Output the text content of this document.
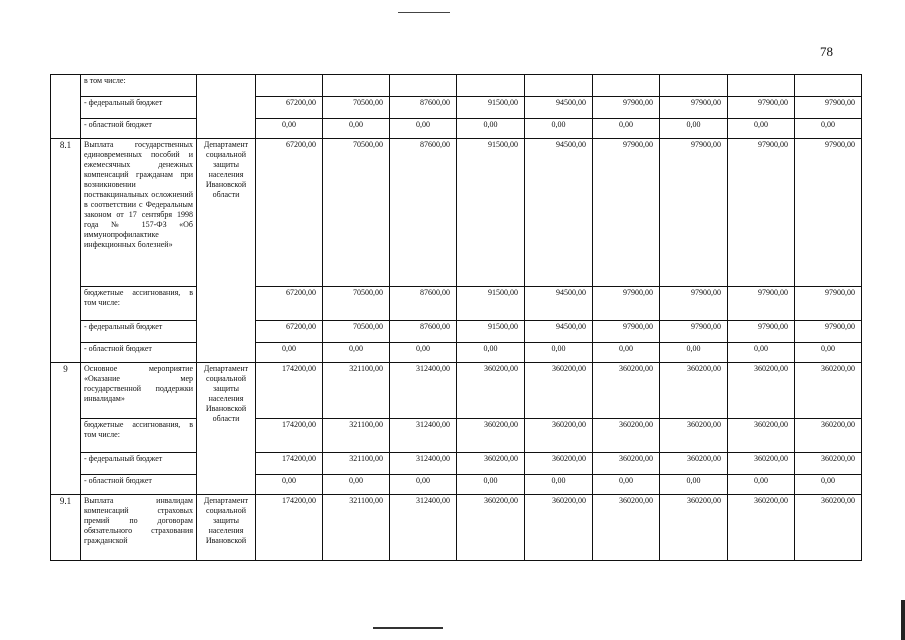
78
	в том числе:										
	- федеральный бюджет		67200,00	70500,00	87600,00	91500,00	94500,00	97900,00	97900,00	97900,00	97900,00
	- областной бюджет		0,00	0,00	0,00	0,00	0,00	0,00	0,00	0,00	0,00
8.1	Выплата государственных единовременных пособий и ежемесячных денежных компенсаций гражданам при возникновении поствакцинальных осложнений в соответствии с Федеральным законом от 17 сентября 1998 года № 157-ФЗ «Об иммунопрофилактике инфекционных болезней»	Департамент социальной защиты населения Ивановской области	67200,00	70500,00	87600,00	91500,00	94500,00	97900,00	97900,00	97900,00	97900,00
	бюджетные ассигнования, в том числе:		67200,00	70500,00	87600,00	91500,00	94500,00	97900,00	97900,00	97900,00	97900,00
	- федеральный бюджет		67200,00	70500,00	87600,00	91500,00	94500,00	97900,00	97900,00	97900,00	97900,00
	- областной бюджет		0,00	0,00	0,00	0,00	0,00	0,00	0,00	0,00	0,00
9	Основное мероприятие «Оказание мер государственной поддержки инвалидам»	Департамент социальной защиты населения Ивановской области	174200,00	321100,00	312400,00	360200,00	360200,00	360200,00	360200,00	360200,00	360200,00
	бюджетные ассигнования, в том числе:		174200,00	321100,00	312400,00	360200,00	360200,00	360200,00	360200,00	360200,00	360200,00
	- федеральный бюджет		174200,00	321100,00	312400,00	360200,00	360200,00	360200,00	360200,00	360200,00	360200,00
	- областной бюджет		0,00	0,00	0,00	0,00	0,00	0,00	0,00	0,00	0,00
9.1	Выплата инвалидам компенсаций страховых премий по договорам обязательного страхования гражданской	Департамент социальной защиты населения Ивановской	174200,00	321100,00	312400,00	360200,00	360200,00	360200,00	360200,00	360200,00	360200,00
